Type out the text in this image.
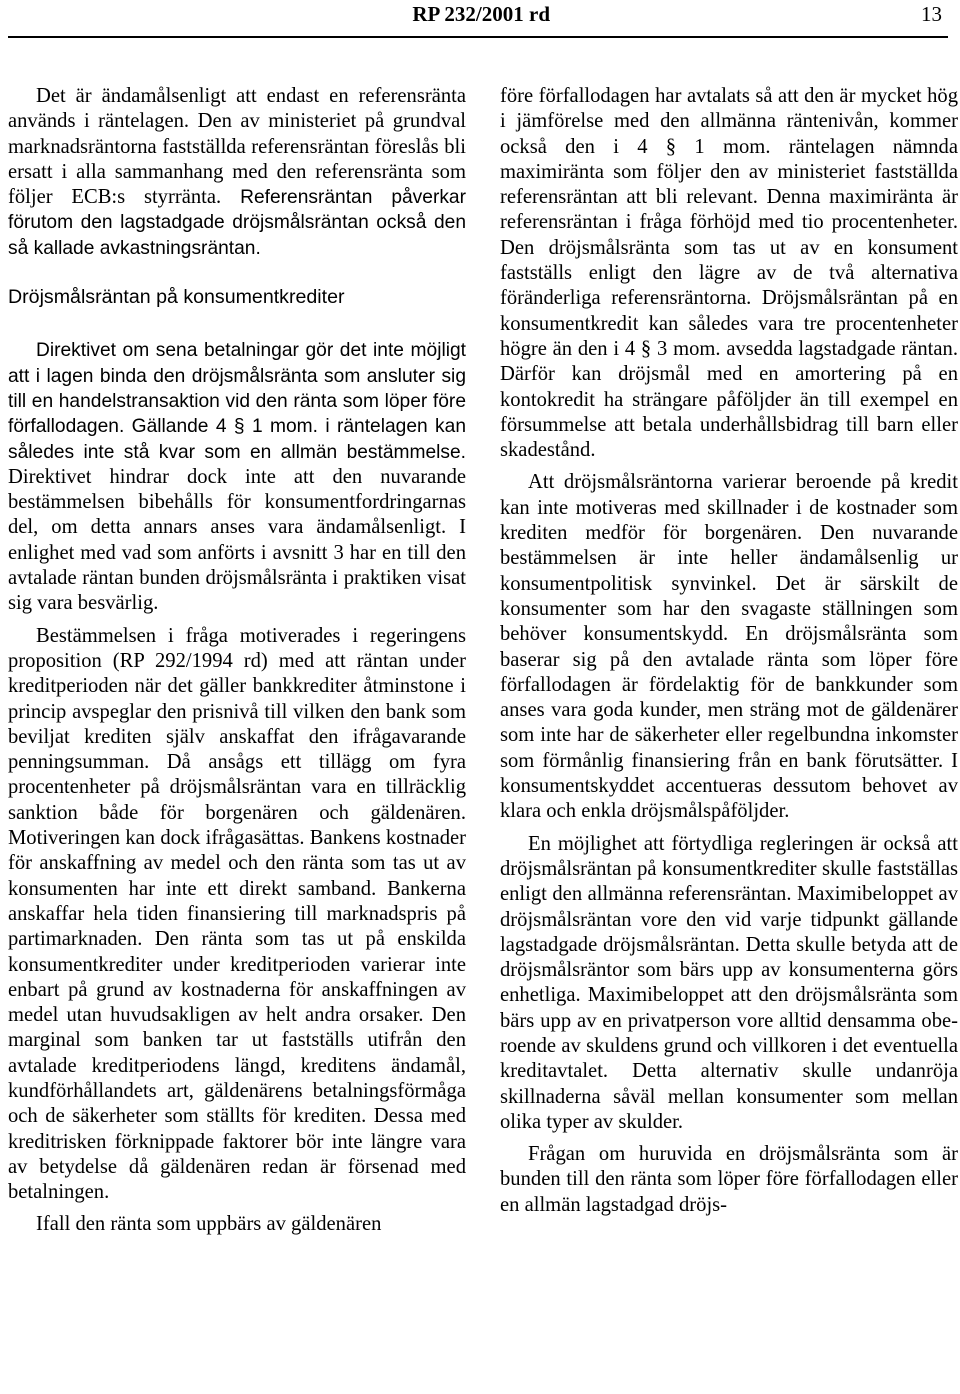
RP 232/2001 rd	13

Det är ändamålsenligt att endast en referensränta används i räntelagen. Den av ministeriet på grundval marknadsräntorna fastställda referensräntan föreslås bli ersatt i alla sammanhang med den referensränta som följer ECB:s styrränta. Referensräntan påverkar förutom den lagstadgade dröjsmålsräntan också den så kallade avkastningsräntan.

Dröjsmålsräntan på konsumentkrediter

Direktivet om sena betalningar gör det inte möjligt att i lagen binda den dröjsmålsränta som ansluter sig till en handelstransaktion vid den ränta som löper före förfallodagen. Gällande 4 § 1 mom. i räntelagen kan således inte stå kvar som en allmän bestämmelse. Direktivet hindrar dock inte att den nuvarande bestämmelsen bibehålls för konsumentfordringarnas del, om detta annars anses vara ändamålsenligt. I enlighet med vad som anförts i avsnitt 3 har en till den avtalade räntan bunden dröjsmålsränta i praktiken visat sig vara besvärlig.

Bestämmelsen i fråga motiverades i regeringens proposition (RP 292/1994 rd) med att räntan under kreditperioden när det gäller bankkrediter åtminstone i princip avspeglar den prisnivå till vilken den bank som beviljat krediten själv anskaffat den ifrågavarande penningsumman. Då ansågs ett tillägg om fyra procentenheter på dröjsmålsräntan vara en tillräcklig sanktion både för borgenären och gäldenären. Motiveringen kan dock ifrågasättas. Bankens kostnader för anskaffning av medel och den ränta som tas ut av konsumenten har inte ett direkt samband. Bankerna anskaffar hela tiden finansiering till marknadspris på partimarknaden. Den ränta som tas ut på enskilda konsumentkrediter under kreditperioden varierar inte enbart på grund av kostnaderna för anskaffningen av medel utan huvudsakligen av helt andra orsaker. Den marginal som banken tar ut fastställs utifrån den avtalade kreditperiodens längd, kreditens ändamål, kundförhållandets art, gäldenärens betalningsförmåga och de säkerheter som ställts för krediten. Dessa med kreditrisken förknippade faktorer bör inte längre vara av betydelse då gäldenären redan är försenad med betalningen.

Ifall den ränta som uppbärs av gäldenären

före förfallodagen har avtalats så att den är mycket hög i jämförelse med den allmänna räntenivån, kommer också den i 4 § 1 mom. räntelagen nämnda maximiränta som följer den av ministeriet fastställda referensräntan att bli relevant. Denna maximiränta är referensräntan i fråga förhöjd med tio procentenheter. Den dröjsmålsränta som tas ut av en konsument fastställs enligt den lägre av de två alternativa föränderliga referensräntorna. Dröjsmålsräntan på en konsumentkredit kan således vara tre procentenheter högre än den i 4 § 3 mom. avsedda lagstadgade räntan. Därför kan dröjsmål med en amortering på en kontokredit ha strängare påföljder än till exempel en försummelse att betala underhållsbidrag till barn eller skadestånd.

Att dröjsmålsräntorna varierar beroende på kredit kan inte motiveras med skillnader i de kostnader som krediten medför för borgenären. Den nuvarande bestämmelsen är inte heller ändamålsenlig ur konsumentpolitisk synvinkel. Det är särskilt de konsumenter som har den svagaste ställningen som behöver konsumentskydd. En dröjsmålsränta som baserar sig på den avtalade ränta som löper före förfallodagen är fördelaktig för de bankkunder som anses vara goda kunder, men sträng mot de gäldenärer som inte har de säkerheter eller regelbundna inkomster som förmånlig finansiering från en bank förutsätter. I konsumentskyddet accentueras dessutom behovet av klara och enkla dröjsmålspåföljder.

En möjlighet att förtydliga regleringen är också att dröjsmålsräntan på konsumentkrediter skulle fastställas enligt den allmänna referensräntan. Maximibeloppet av dröjsmålsräntan vore den vid varje tidpunkt gällande lagstadgade dröjsmålsräntan. Detta skulle betyda att de dröjsmålsräntor som bärs upp av konsumenterna görs enhetliga. Maximibeloppet att den dröjsmålsränta som bärs upp av en privatperson vore alltid densamma oberoende av skuldens grund och villkoren i det eventuella kreditavtalet. Detta alternativ skulle undanröja skillnaderna såväl mellan konsumenter som mellan olika typer av skulder.

Frågan om huruvida en dröjsmålsränta som är bunden till den ränta som löper före förfallodagen eller en allmän lagstadgad dröjs-
